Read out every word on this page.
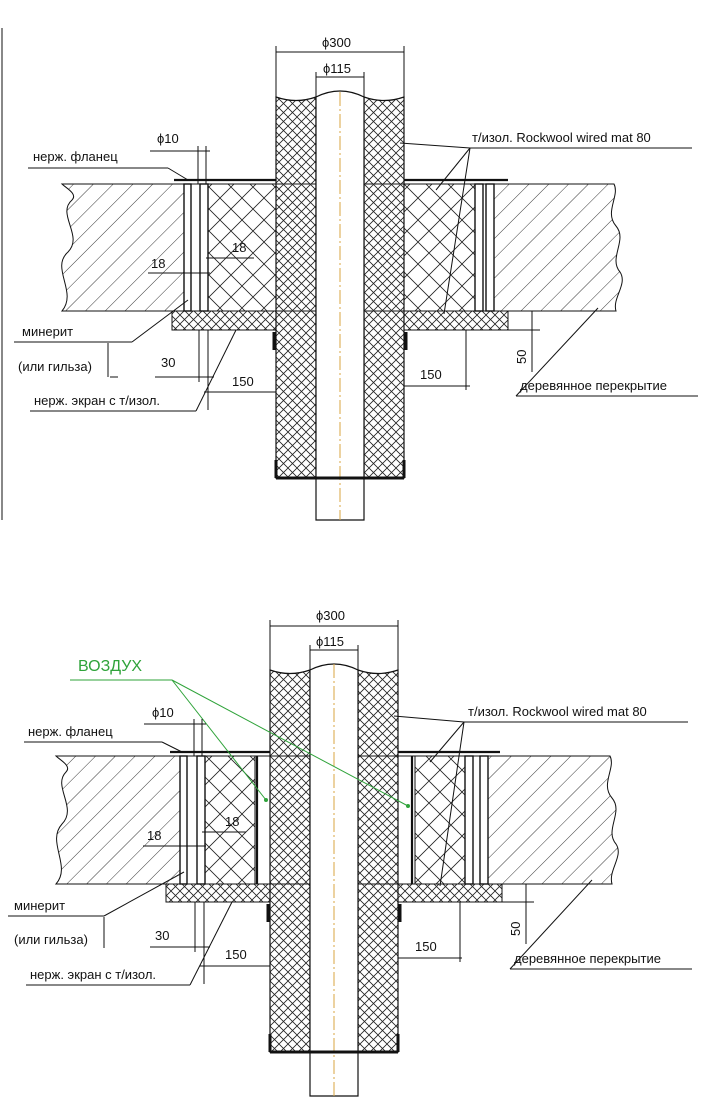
ϕ300
ϕ115
ϕ10
нерж. фланец
т/изол. Rockwool wired mat 80
18
18
минерит
(или гильза)	30
150	150
нерж. экран с т/изол.
50
деревянное перекрытие
ϕ300
ϕ115
ВОЗДУХ
ϕ10
нерж. фланец
т/изол. Rockwool wired mat 80
18
18
минерит
(или гильза)	30
150
150
нерж. экран с т/изол.
50
деревянное перекрытие
